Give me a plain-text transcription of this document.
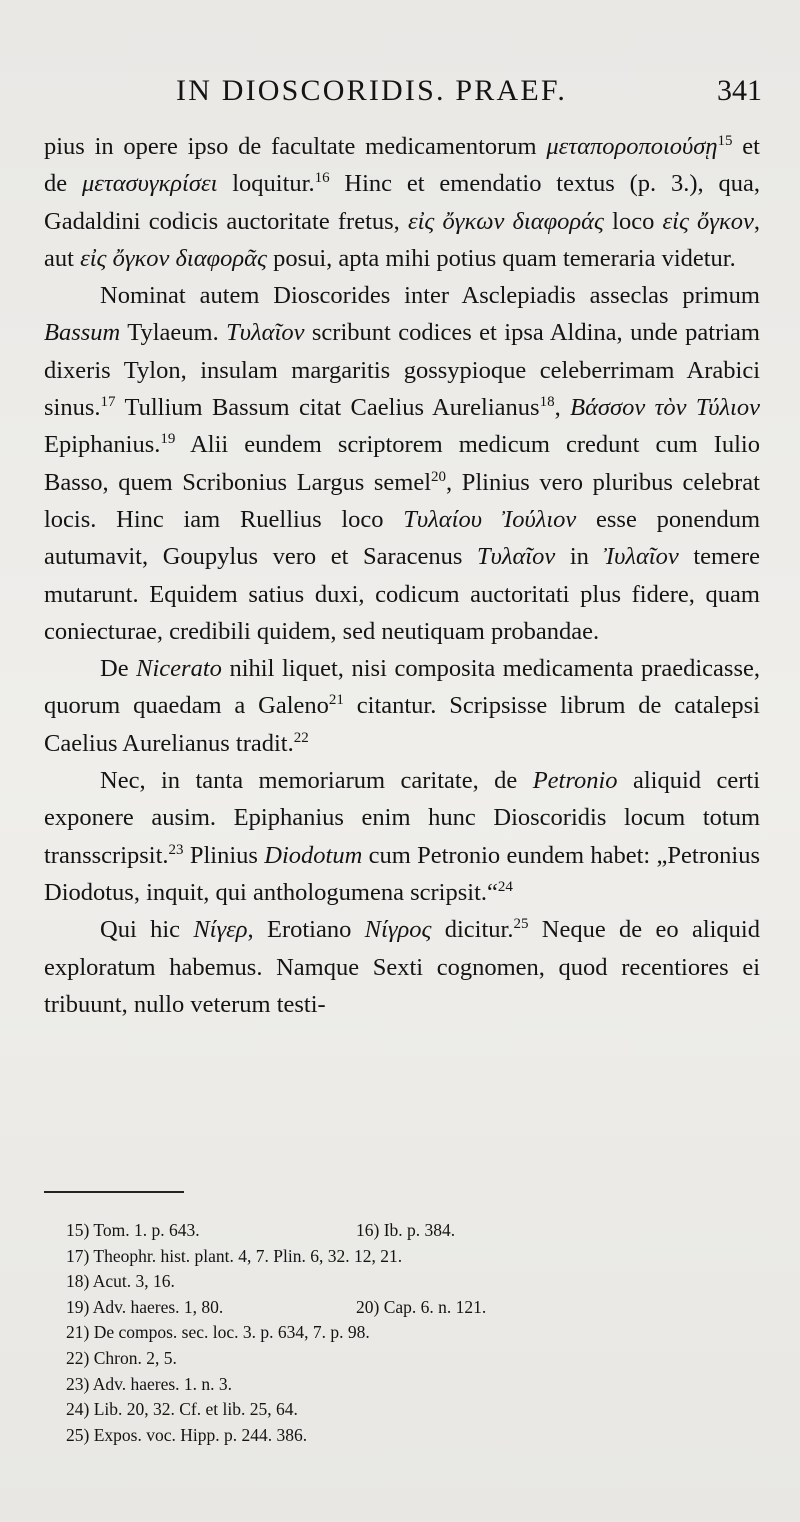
IN DIOSCORIDIS. PRAEF.	341

pius in opere ipso de facultate medicamentorum μεταποροποιούσῃ$^{15}$ et de μετασυγκρίσει loquitur.$^{16}$ Hinc et emendatio textus (p. 3.), qua, Gadaldini codicis auctoritate fretus, εἰς ὄγκων διαφοράς loco εἰς ὄγκον, aut εἰς ὄγκον διαφορᾶς posui, apta mihi potius quam temeraria videtur.

Nominat autem Dioscorides inter Asclepiadis asseclas primum Bassum Tylaeum. Τυλαῖον scribunt codices et ipsa Aldina, unde patriam dixeris Tylon, insulam margaritis gossypioque celeberrimam Arabici sinus.$^{17}$ Tullium Bassum citat Caelius Aurelianus$^{18}$, Βάσσον τὸν Τύλιον Epiphanius.$^{19}$ Alii eundem scriptorem medicum credunt cum Iulio Basso, quem Scribonius Largus semel$^{20}$, Plinius vero pluribus celebrat locis. Hinc iam Ruellius loco Τυλαίου Ἰούλιον esse ponendum autumavit, Goupylus vero et Saracenus Τυλαῖον in Ἰυλαῖον temere mutarunt. Equidem satius duxi, codicum auctoritati plus fidere, quam coniecturae, credibili quidem, sed neutiquam probandae.

De Nicerato nihil liquet, nisi composita medicamenta praedicasse, quorum quaedam a Galeno$^{21}$ citantur. Scripsisse librum de catalepsi Caelius Aurelianus tradit.$^{22}$

Nec, in tanta memoriarum caritate, de Petronio aliquid certi exponere ausim. Epiphanius enim hunc Dioscoridis locum totum transscripsit.$^{23}$ Plinius Diodotum cum Petronio eundem habet: „Petronius Diodotus, inquit, qui anthologumena scripsit.“$^{24}$

Qui hic Νίγερ, Erotiano Νίγρος dicitur.$^{25}$ Neque de eo aliquid exploratum habemus. Namque Sexti cognomen, quod recentiores ei tribuunt, nullo veterum testi-

15) Tom. 1. p. 643.	16) Ib. p. 384.
17) Theophr. hist. plant. 4, 7. Plin. 6, 32. 12, 21.
18) Acut. 3, 16.
19) Adv. haeres. 1, 80.	20) Cap. 6. n. 121.
21) De compos. sec. loc. 3. p. 634, 7. p. 98.
22) Chron. 2, 5.
23) Adv. haeres. 1. n. 3.
24) Lib. 20, 32. Cf. et lib. 25, 64.
25) Expos. voc. Hipp. p. 244. 386.
